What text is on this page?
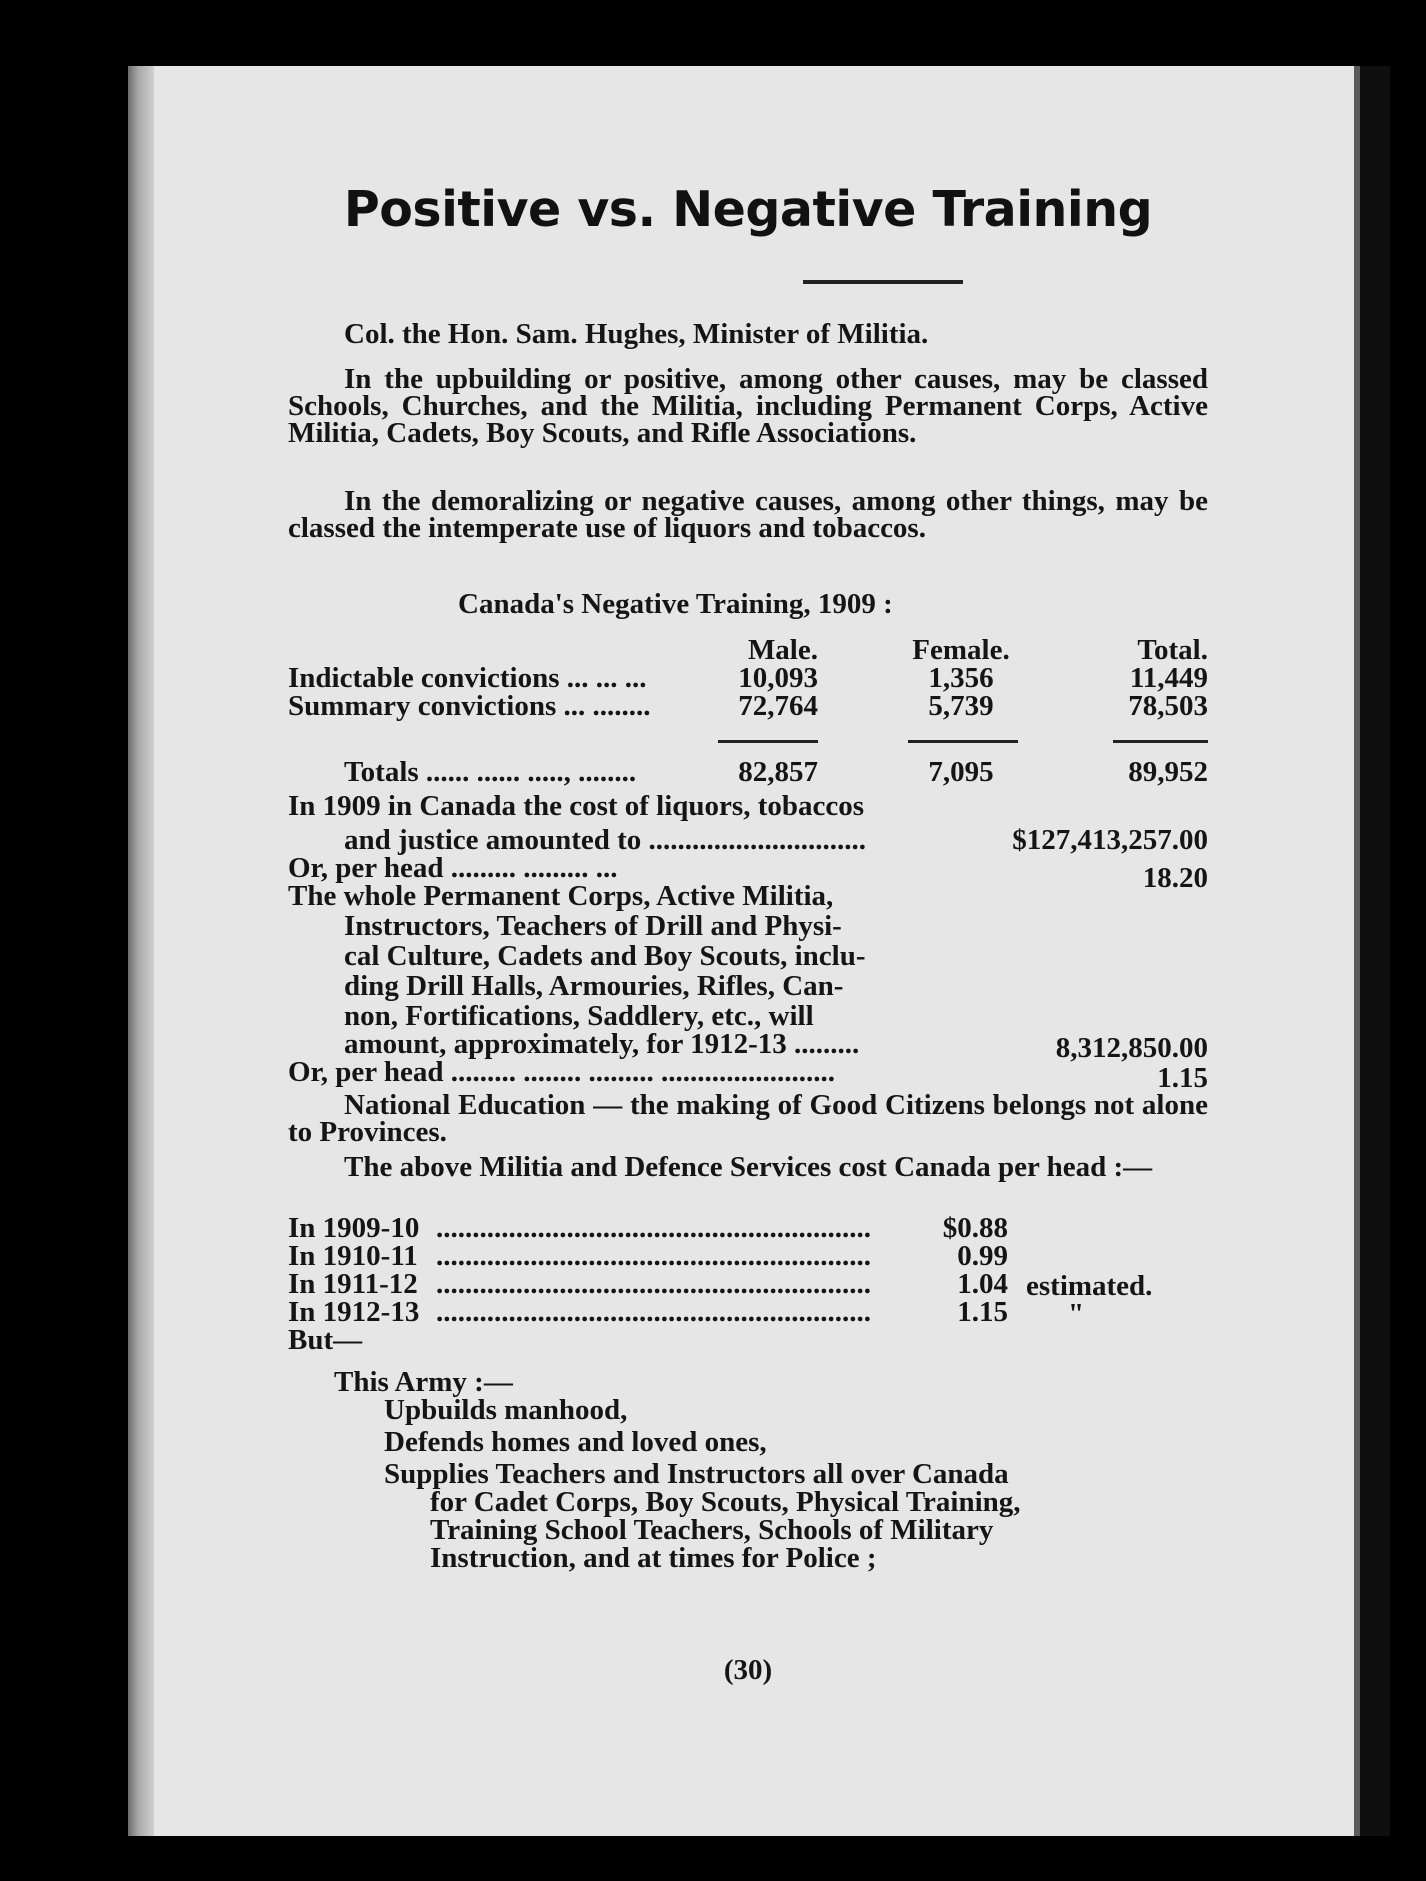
Positive vs. Negative Training
Col. the Hon. Sam. Hughes, M‍inister of Militia.
In the upbuilding or positive, among other causes, may be classed Schools, Churches, and the Militia, including Permanent Corps, Active Militia, Cadets, Boy Scouts, and Rifle Associations.
In the demoralizing or negative causes, among other things, may be classed the intemperate use of liquors and tobaccos.
Canada's Negative Training, 1909 :
Male.	Female.	Total.
Indictable convictions ... ... ...	10,093	1,356	11,449
Summary convictions ... ........	72,764	5,739	78,503
Totals ...... ...... ....., ........	82,857	7,095	89,952
In 1909 in Canada the cost of liquors, tobaccos
and justice amounted to ..............................	$127,413,257.00
Or, per head ......... ......... ...	18.20
The whole Permanent Corps, Active Militia,
Instructors, Teachers of Drill and Physi-
cal Culture, Cadets and Boy Scouts, inclu-
ding Drill Halls, Armouries, Rifles, Can-
non, Fortifications, Saddlery, etc., will
amount, approximately, for 1912-13 .........	8,312,850.00
Or, per head ......... ........ ......... ........................	1.15
National Education — the making of Good Citizens belongs not alone to Provinces.
The above Militia and Defence Services cost Canada per head :—
In 1909-10 ............................................................	$0.88
In 1910-11 ............................................................	0.99
In 1911-12 ............................................................	1.04 estimated.
In 1912-13 ............................................................	1.15 "
But—
This Army :—
Upbuilds manhood,
Defends homes and loved ones,
Supplies Teachers and Instructors all over Canada
for Cadet Corps, Boy Scouts, Physical Training,
Training School Teachers, Schools of Military
Instruction, and at times for Police ;
(30)
